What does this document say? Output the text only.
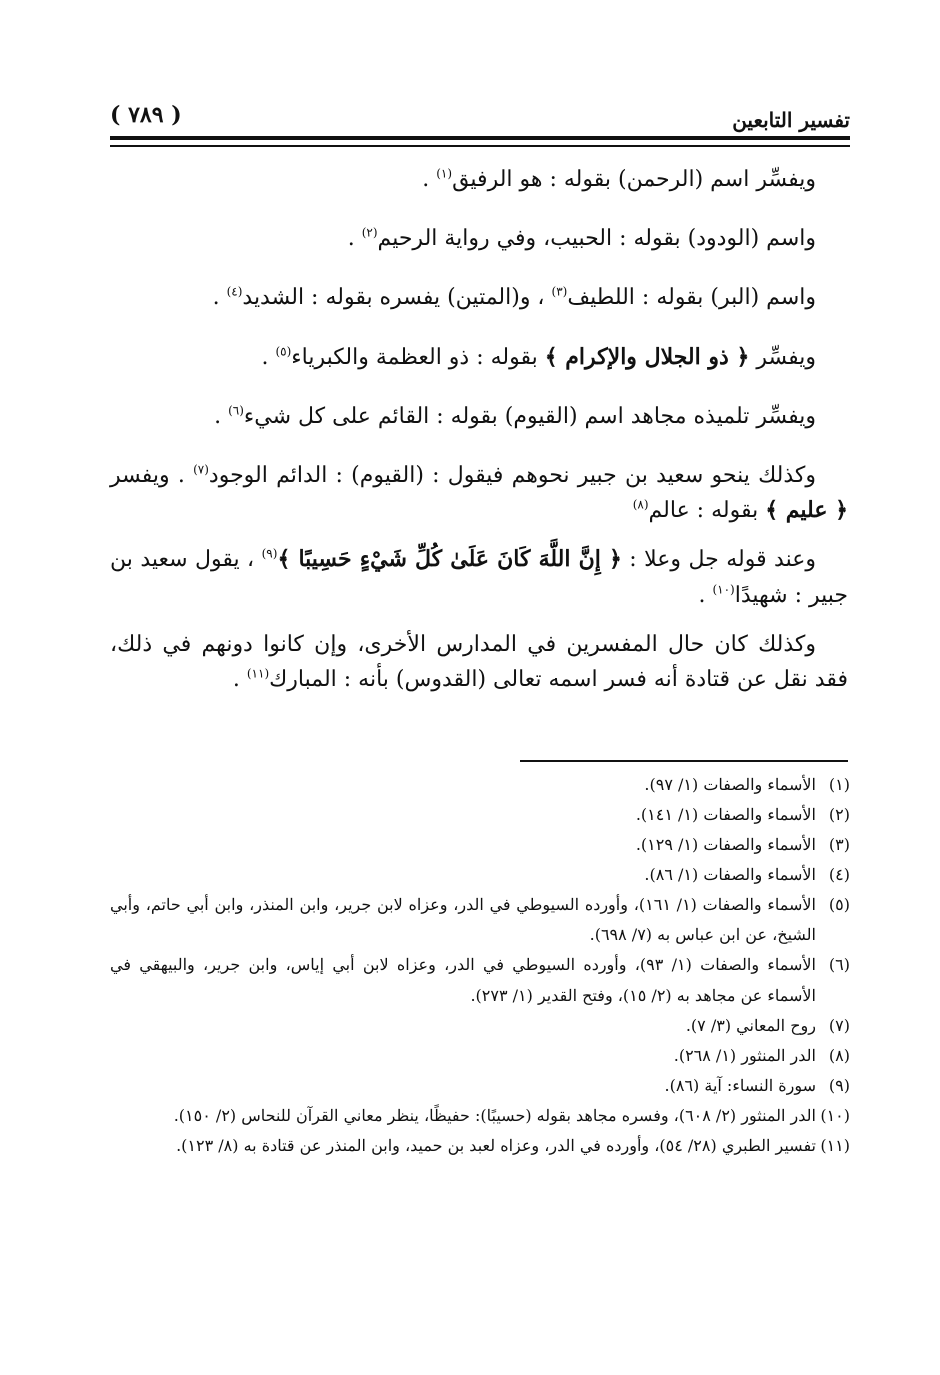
تفسير التابعين
( ٧٨٩ )

ويفسِّر اسم (الرحمن) بقوله : هو الرفيق$^{(١)}$ .

واسم (الودود) بقوله : الحبيب، وفي رواية الرحيم$^{(٢)}$ .

واسم (البر) بقوله : اللطيف$^{(٣)}$ ، و(المتين) يفسره بقوله : الشديد$^{(٤)}$ .

ويفسِّر ﴿ ذو الجلال والإكرام ﴾ بقوله : ذو العظمة والكبرياء$^{(٥)}$ .

ويفسِّر تلميذه مجاهد اسم (القيوم) بقوله : القائم على كل شيء$^{(٦)}$ .

وكذلك ينحو سعيد بن جبير نحوهم فيقول : (القيوم) : الدائم الوجود$^{(٧)}$ . ويفسر ﴿ عليم ﴾ بقوله : عالم$^{(٨)}$

وعند قوله جل وعلا : ﴿ إِنَّ اللَّهَ كَانَ عَلَىٰ كُلِّ شَيْءٍ حَسِيبًا ﴾$^{(٩)}$ ، يقول سعيد بن جبير : شهيدًا$^{(١٠)}$ .

وكذلك كان حال المفسرين في المدارس الأخرى، وإن كانوا دونهم في ذلك، فقد نقل عن قتادة أنه فسر اسمه تعالى (القدوس) بأنه : المبارك$^{(١١)}$ .

(١)
الأسماء والصفات (١/ ٩٧).
(٢)
الأسماء والصفات (١/ ١٤١).
(٣)
الأسماء والصفات (١/ ١٢٩).
(٤)
الأسماء والصفات (١/ ٨٦).
(٥)
الأسماء والصفات (١/ ١٦١)، وأورده السيوطي في الدر، وعزاه لابن جرير، وابن المنذر، وابن أبي حاتم، وأبي الشيخ، عن ابن عباس به (٧/ ٦٩٨).
(٦)
الأسماء والصفات (١/ ٩٣)، وأورده السيوطي في الدر، وعزاه لابن أبي إياس، وابن جرير، والبيهقي في الأسماء عن مجاهد به (٢/ ١٥)، وفتح القدير (١/ ٢٧٣).
(٧)
روح المعاني (٣/ ٧).
(٨)
الدر المنثور (١/ ٢٦٨).
(٩)
سورة النساء: آية (٨٦).
(١٠)
الدر المنثور (٢/ ٦٠٨)، وفسره مجاهد بقوله (حسيبًا): حفيظًا، ينظر معاني القرآن للنحاس (٢/ ١٥٠).
(١١)
تفسير الطبري (٢٨/ ٥٤)، وأورده في الدر، وعزاه لعبد بن حميد، وابن المنذر عن قتادة به (٨/ ١٢٣).
